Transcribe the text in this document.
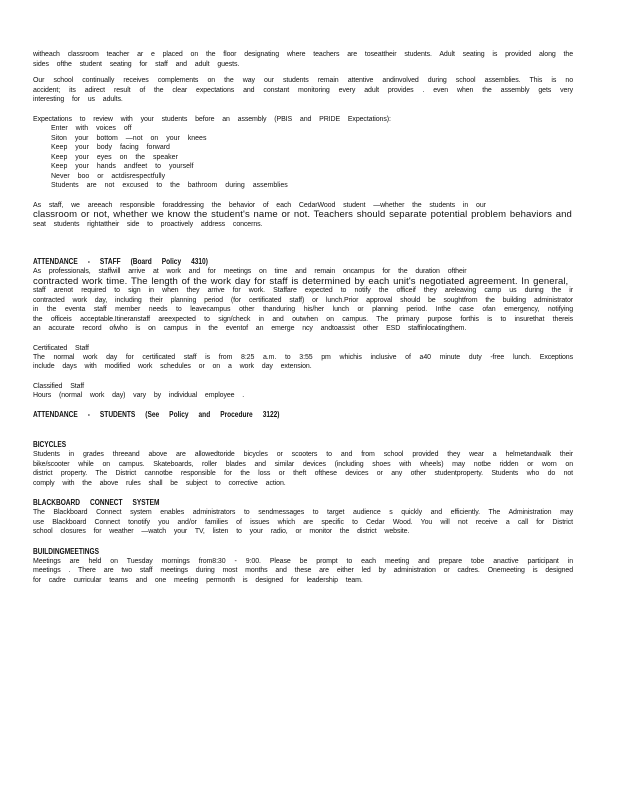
witheach classroom teacher ar e placed on the floor designating where teachers are toseattheir students. Adult seating is provided along the sides ofthe student seating for staff and adult guests.

Our school continually receives complements on the way our students remain attentive andinvolved during school assemblies. This is no accident; its adirect result of the clear expectations and constant monitoring every adult provides . even when the assembly gets very interesting for us adults.

Expectations to review with your students before an assembly (PBIS and PRIDE Expectations):

Enter with voices off
Siton your bottom —not on your knees
Keep your body facing forward
Keep your eyes on the speaker
Keep your hands andfeet to yourself
Never boo or actdisrespectfully
Students are not excused to the bathroom during assemblies

As staff, we areeach responsible foraddressing the behavior of each CedarWood student —whether the students in our

classroom or not, whether we know the student's name or not. Teachers should separate potential problem behaviors and

seat students rightattheir side to proactively address concerns.

ATTENDANCE - STAFF (Board Policy 4310)

As professionals, staffwill arrive at work and for meetings on time and remain oncampus for the duration oftheir

contracted work time. The length of the work day for staff is determined by each unit's negotiated agreement. In general,

staff arenot required to sign in when they arrive for work. Staffare expected to notify the officeif they areleaving camp us during the ir contracted work day, including their planning period (for certificated staff) or lunch.Prior approval should be soughtfrom the building administrator in the eventa staff member needs to leavecampus other thanduring his/her lunch or planning period. Inthe case ofan emergency, notifying the officeis acceptable.Itineranstaff areexpected to sign/check in and outwhen on campus. The primary purpose forthis is to insurethat thereis an accurate record ofwho is on campus in the eventof an emerge ncy andtoassist other ESD staffinlocatingthem.

Certificated Staff

The normal work day for certificated staff is from 8:25 a.m. to 3:55 pm whichis inclusive of a40 minute duty -free lunch. Exceptions include days with modified work schedules or on a work day extension.

Classified Staff

Hours (normal work day) vary by individual employee .

ATTENDANCE - STUDENTS (See Policy and Procedure 3122)
BICYCLES

Students in grades threeand above are allowedtoride bicycles or scooters to and from school provided they wear a helmetandwalk their bike/scooter while on campus. Skateboards, roller blades and similar devices (including shoes with wheels) may notbe ridden or worn on district property. The District cannotbe responsible for the loss or theft ofthese devices or any other studentproperty. Students who do not comply with the above rules shall be subject to corrective action.

BLACKBOARD CONNECT SYSTEM

The Blackboard Connect system enables administrators to sendmessages to target audience s quickly and efficiently. The Administration may use Blackboard Connect tonotify you and/or families of issues which are specific to Cedar Wood. You will not receive a call for District school closures for weather —watch your TV, listen to your radio, or monitor the district website.

BUILDINGMEETINGS

Meetings are held on Tuesday mornings from8:30 - 9:00. Please be prompt to each meeting and prepare tobe anactive participant in meetings . There are two staff meetings during most months and these are either led by administration or cadres. Onemeeting is designed for cadre curricular teams and one meeting permonth is designed for leadership team.
